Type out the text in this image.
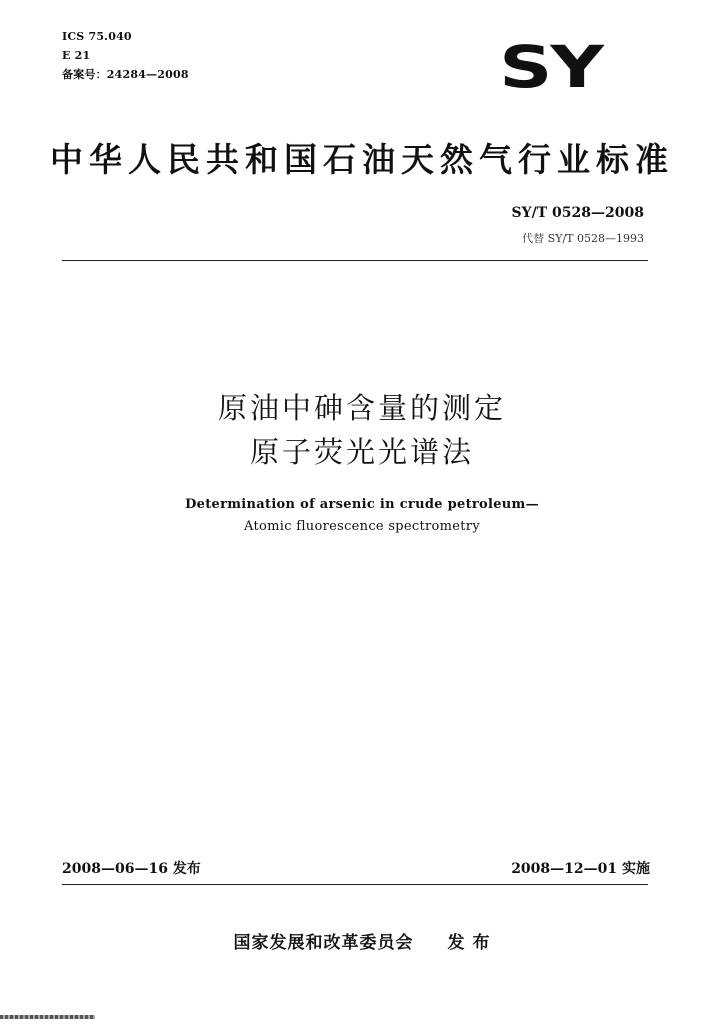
ICS 75.040
E 21
备案号：24284—2008	SY
中华人民共和国石油天然气行业标准
SY/T 0528—2008
代替 SY/T 0528—1993
原油中砷含量的测定
原子荧光光谱法
Determination of arsenic in crude petroleum—
Atomic fluorescence spectrometry
2008—06—16 发布	2008—12—01 实施
国家发展和改革委员会 发 布
